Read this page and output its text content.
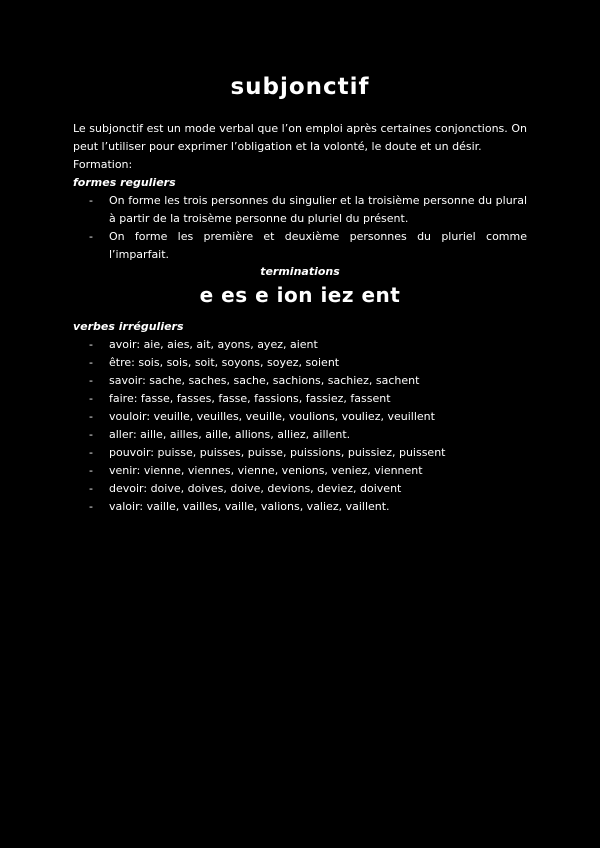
subjonctif

Le subjonctif est un mode verbal que l’on emploi après certaines conjonctions. On peut l’utiliser pour exprimer l’obligation et la volonté, le doute et un désir.

Formation:

formes reguliers

- On forme les trois personnes du singulier et la troisième personne du plural à partir de la troisème personne du pluriel du présent.
- On forme les première et deuxième personnes du pluriel comme l’imparfait.

terminations

e es e ion iez ent

verbes irréguliers

- avoir: aie, aies, ait, ayons, ayez, aient
- être: sois, sois, soit, soyons, soyez, soient
- savoir: sache, saches, sache, sachions, sachiez, sachent
- faire: fasse, fasses, fasse, fassions, fassiez, fassent
- vouloir: veuille, veuilles, veuille, voulions, vouliez, veuillent
- aller: aille, ailles, aille, allions, alliez, aillent.
- pouvoir: puisse, puisses, puisse, puissions, puissiez, puissent
- venir: vienne, viennes, vienne, venions, veniez, viennent
- devoir: doive, doives, doive, devions, deviez, doivent
- valoir: vaille, vailles, vaille, valions, valiez, vaillent.
